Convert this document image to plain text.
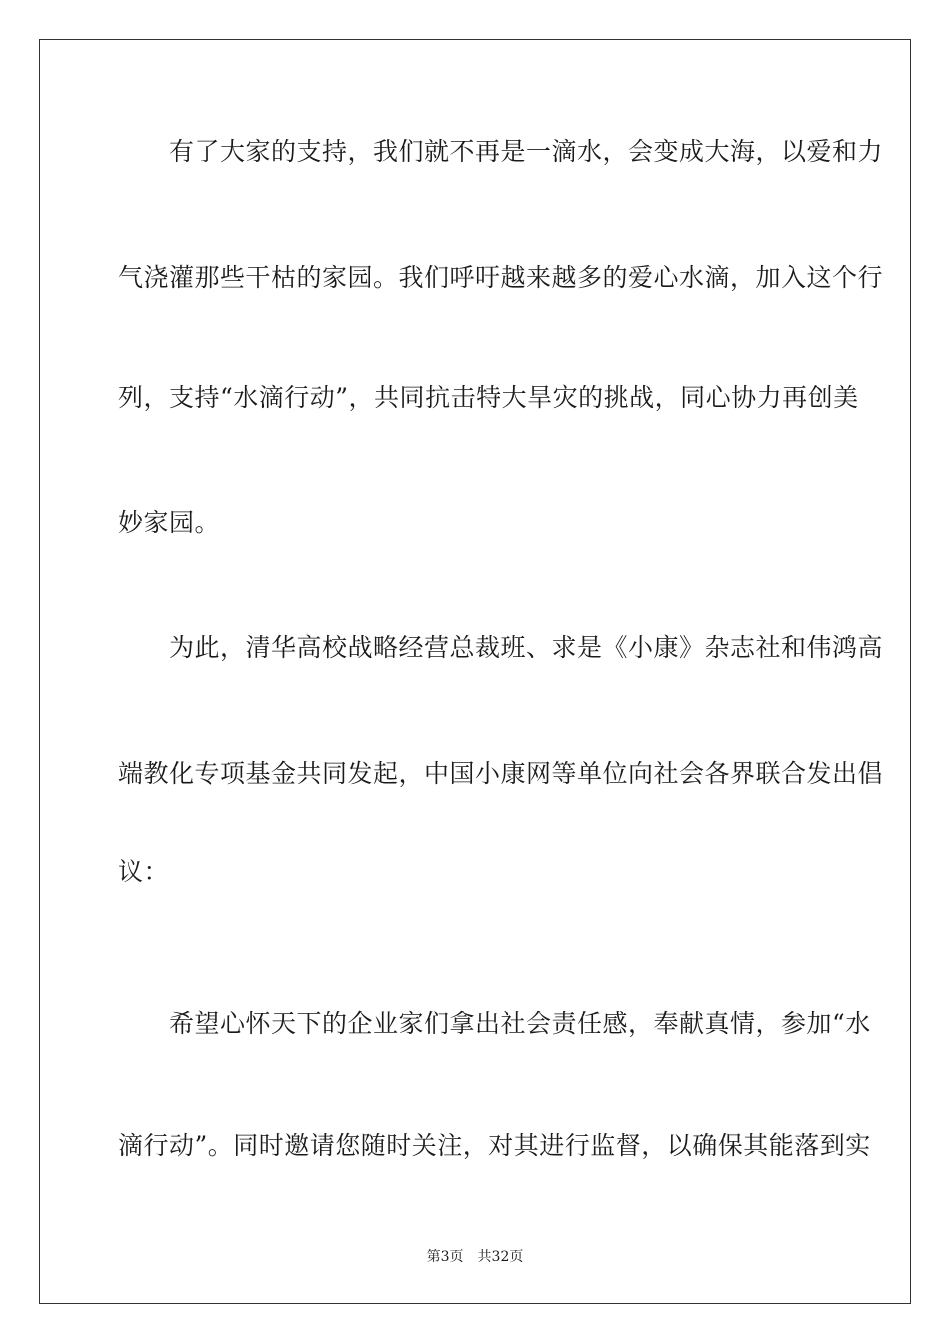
　　有了大家的支持，我们就不再是一滴水，会变成大海，以爱和力
气浇灌那些干枯的家园。我们呼吁越来越多的爱心水滴，加入这个行
列，支持“水滴行动”，共同抗击特大旱灾的挑战，同心协力再创美
妙家园。
　　为此，清华高校战略经营总裁班、求是《小康》杂志社和伟鸿高
端教化专项基金共同发起，中国小康网等单位向社会各界联合发出倡
议：
　　希望心怀天下的企业家们拿出社会责任感，奉献真情，参加“水
滴行动”。同时邀请您随时关注，对其进行监督，以确保其能落到实
第3页 共32页
